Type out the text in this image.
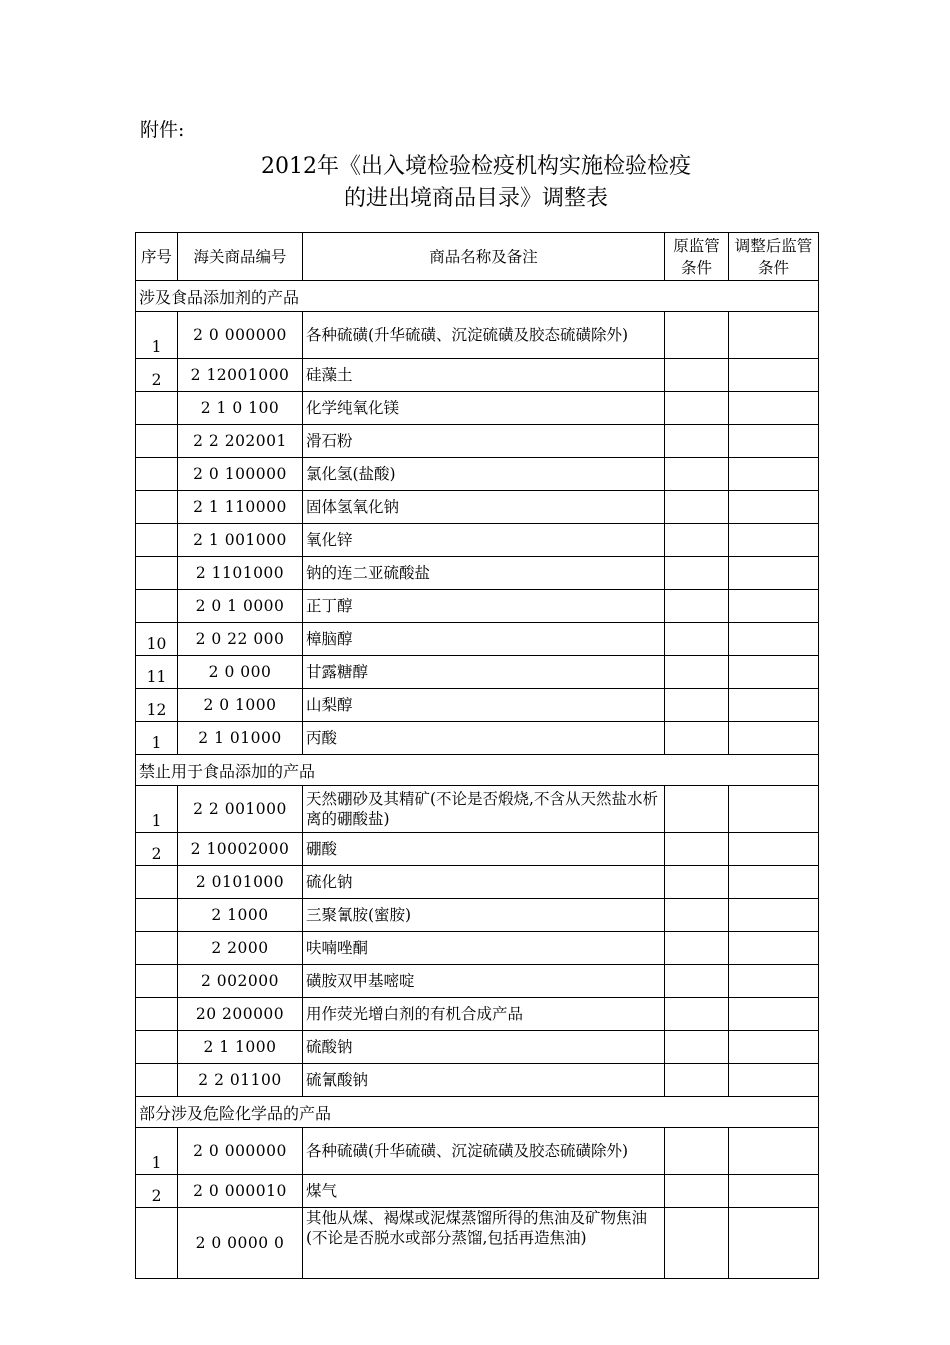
附件:
2012年《出入境检验检疫机构实施检验检疫
的进出境商品目录》调整表
序号	海关商品编号	商品名称及备注	原监管条件	调整后监管条件
涉及食品添加剂的产品				
1	2 0 000000	各种硫磺(升华硫磺、沉淀硫磺及胶态硫磺除外)		
2	2 12001000	硅藻土		
	2 1 0 100	化学纯氧化镁		
	2 2 202001	滑石粉		
	2 0 100000	氯化氢(盐酸)		
	2 1 110000	固体氢氧化钠		
	2 1 001000	氧化锌		
	2 1101000	钠的连二亚硫酸盐		
	2 0 1 0000	正丁醇		
10	2 0 22 000	樟脑醇		
11	2 0 000	甘露糖醇		
12	2 0 1000	山梨醇		
1	2 1 01000	丙酸		
禁止用于食品添加的产品				
1	2 2 001000	天然硼砂及其精矿(不论是否煅烧,不含从天然盐水析离的硼酸盐)		
2	2 10002000	硼酸		
	2 0101000	硫化钠		
	2 1000	三聚氰胺(蜜胺)		
	2 2000	呋喃唑酮		
	2 002000	磺胺双甲基嘧啶		
	20 200000	用作荧光增白剂的有机合成产品		
	2 1 1000	硫酸钠		
	2 2 01100	硫氰酸钠		
部分涉及危险化学品的产品				
1	2 0 000000	各种硫磺(升华硫磺、沉淀硫磺及胶态硫磺除外)		
2	2 0 000010	煤气		
	2 0 0000 0	其他从煤、褐煤或泥煤蒸馏所得的焦油及矿物焦油(不论是否脱水或部分蒸馏,包括再造焦油)		
